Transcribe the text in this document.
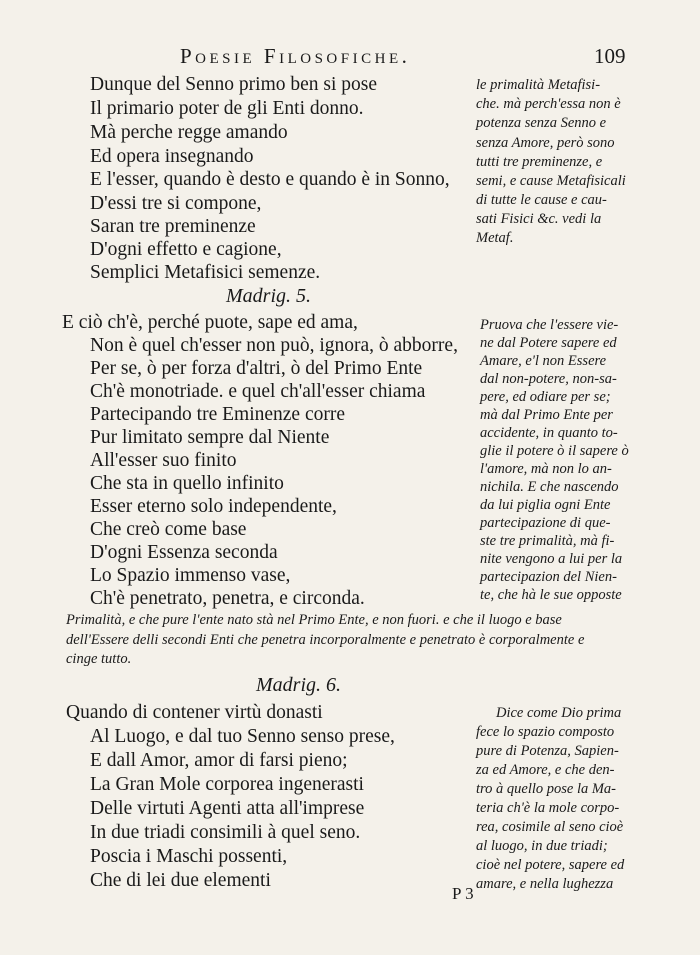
Poesie Filosofiche.	109
Dunque del Senno primo ben si pose
Il primario poter de gli Enti donno.
Mà perche regge amando
Ed opera insegnando
E l'esser, quando è desto e quando è in Sonno,
D'essi tre si compone,
Saran tre preminenze
D'ogni effetto e cagione,
Semplici Metafisici semenze.
le primalità Metafisi-
che. mà perch'essa non è
potenza senza Senno e
senza Amore, però sono
tutti tre preminenze, e
semi, e cause Metafisicali
di tutte le cause e cau-
sati Fisici &c. vedi la
Metaf.
Madrig. 5.
E ciò ch'è, perché puote, sape ed ama,
Non è quel ch'esser non può, ignora, ò abborre,
Per se, ò per forza d'altri, ò del Primo Ente
Ch'è monotriade. e quel ch'all'esser chiama
Partecipando tre Eminenze corre
Pur limitato sempre dal Niente
All'esser suo finito
Che sta in quello infinito
Esser eterno solo independente,
Che creò come base
D'ogni Essenza seconda
Lo Spazio immenso vase,
Ch'è penetrato, penetra, e circonda.
Pruova che l'essere vie-
ne dal Potere sapere ed
Amare, e'l non Essere
dal non-potere, non-sa-
pere, ed odiare per se;
mà dal Primo Ente per
accidente, in quanto to-
glie il potere ò il sapere ò
l'amore, mà non lo an-
nichila. E che nascendo
da lui piglia ogni Ente
partecipazione di que-
ste tre primalità, mà fi-
nite vengono a lui per la
partecipazion del Nien-
te, che hà le sue opposte
Primalità, e che pure l'ente nato stà nel Primo Ente, e non fuori. e che il luogo e base
dell'Essere delli secondi Enti che penetra incorporalmente e penetrato è corporalmente e
cinge tutto.
Madrig. 6.
Quando di contener virtù donasti
Al Luogo, e dal tuo Senno senso prese,
E dall Amor, amor di farsi pieno;
La Gran Mole corporea ingenerasti
Delle virtuti Agenti atta all'imprese
In due triadi consimili à quel seno.
Poscia i Maschi possenti,
Che di lei due elementi
Dice come Dio prima
fece lo spazio composto
pure di Potenza, Sapien-
za ed Amore, e che den-
tro à quello pose la Ma-
teria ch'è la mole corpo-
rea, cosimile al seno cioè
al luogo, in due triadi;
cioè nel potere, sapere ed
amare, e nella lughezza
P 3
